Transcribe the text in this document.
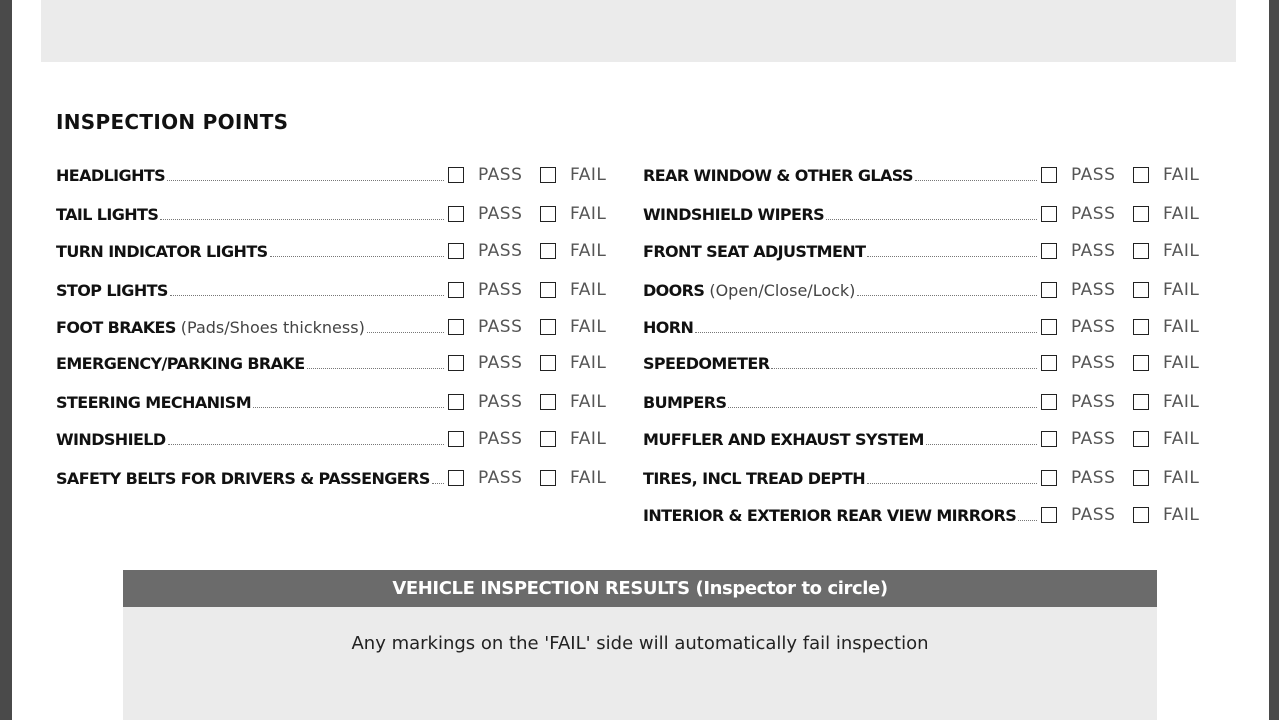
INSPECTION POINTS
HEADLIGHTS	PASS	FAIL
TAIL LIGHTS	PASS	FAIL
TURN INDICATOR LIGHTS	PASS	FAIL
STOP LIGHTS	PASS	FAIL
FOOT BRAKES (Pads/Shoes thickness)	PASS	FAIL
EMERGENCY/PARKING BRAKE	PASS	FAIL
STEERING MECHANISM	PASS	FAIL
WINDSHIELD	PASS	FAIL
SAFETY BELTS FOR DRIVERS & PASSENGERS	PASS	FAIL
REAR WINDOW & OTHER GLASS	PASS	FAIL
WINDSHIELD WIPERS	PASS	FAIL
FRONT SEAT ADJUSTMENT	PASS	FAIL
DOORS (Open/Close/Lock)	PASS	FAIL
HORN	PASS	FAIL
SPEEDOMETER	PASS	FAIL
BUMPERS	PASS	FAIL
MUFFLER AND EXHAUST SYSTEM	PASS	FAIL
TIRES, INCL TREAD DEPTH	PASS	FAIL
INTERIOR & EXTERIOR REAR VIEW MIRRORS	PASS	FAIL
VEHICLE INSPECTION RESULTS (Inspector to circle)
Any markings on the 'FAIL' side will automatically fail inspection
